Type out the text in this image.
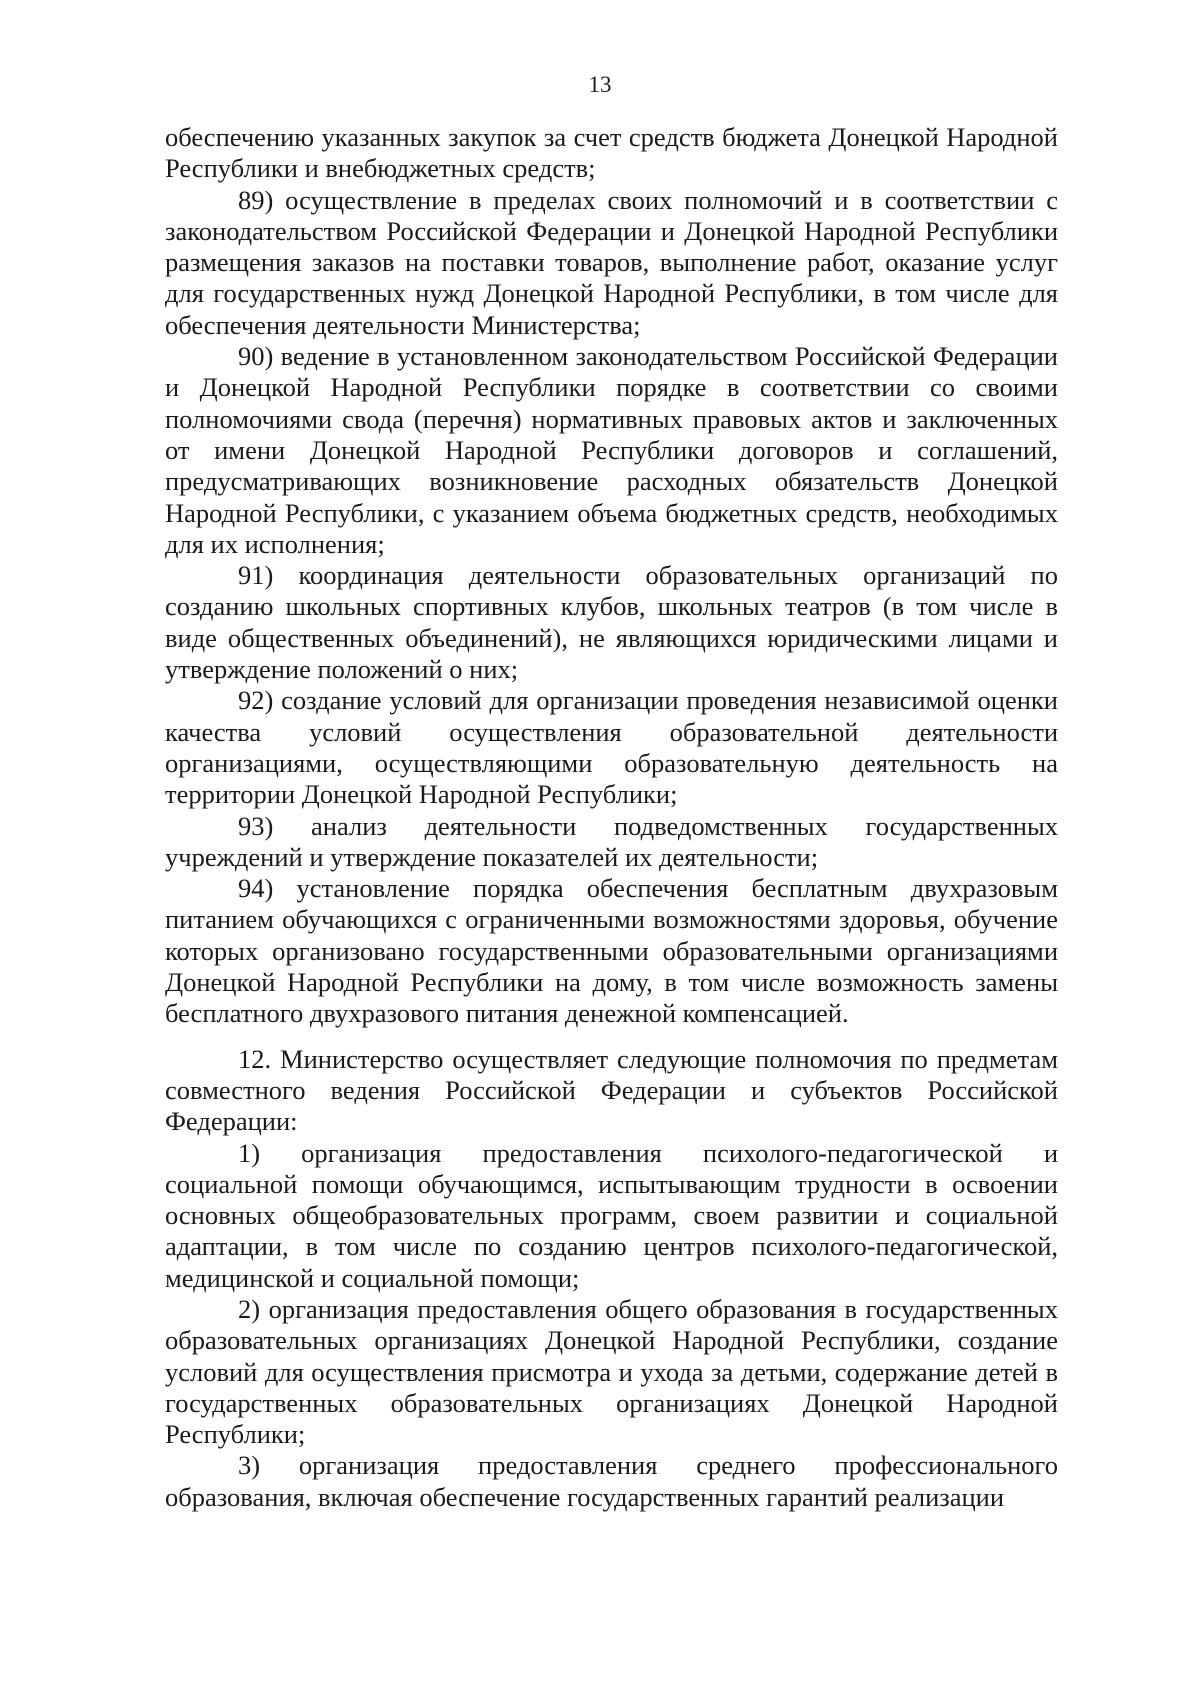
13

обеспечению указанных закупок за счет средств бюджета Донецкой Народной Республики и внебюджетных средств;

89) осуществление в пределах своих полномочий и в соответствии с законодательством Российской Федерации и Донецкой Народной Республики размещения заказов на поставки товаров, выполнение работ, оказание услуг для государственных нужд Донецкой Народной Республики, в том числе для обеспечения деятельности Министерства;

90) ведение в установленном законодательством Российской Федерации и Донецкой Народной Республики порядке в соответствии со своими полномочиями свода (перечня) нормативных правовых актов и заключенных от имени Донецкой Народной Республики договоров и соглашений, предусматривающих возникновение расходных обязательств Донецкой Народной Республики, с указанием объема бюджетных средств, необходимых для их исполнения;

91) координация деятельности образовательных организаций по созданию школьных спортивных клубов, школьных театров (в том числе в виде общественных объединений), не являющихся юридическими лицами и утверждение положений о них;

92) создание условий для организации проведения независимой оценки качества условий осуществления образовательной деятельности организациями, осуществляющими образовательную деятельность на территории Донецкой Народной Республики;

93) анализ деятельности подведомственных государственных учреждений и утверждение показателей их деятельности;

94) установление порядка обеспечения бесплатным двухразовым питанием обучающихся с ограниченными возможностями здоровья, обучение которых организовано государственными образовательными организациями Донецкой Народной Республики на дому, в том числе возможность замены бесплатного двухразового питания денежной компенсацией.

12. Министерство осуществляет следующие полномочия по предметам совместного ведения Российской Федерации и субъектов Российской Федерации:

1) организация предоставления психолого-педагогической и социальной помощи обучающимся, испытывающим трудности в освоении основных общеобразовательных программ, своем развитии и социальной адаптации, в том числе по созданию центров психолого-педагогической, медицинской и социальной помощи;

2) организация предоставления общего образования в государственных образовательных организациях Донецкой Народной Республики, создание условий для осуществления присмотра и ухода за детьми, содержание детей в государственных образовательных организациях Донецкой Народной Республики;

3) организация предоставления среднего профессионального образования, включая обеспечение государственных гарантий реализации
